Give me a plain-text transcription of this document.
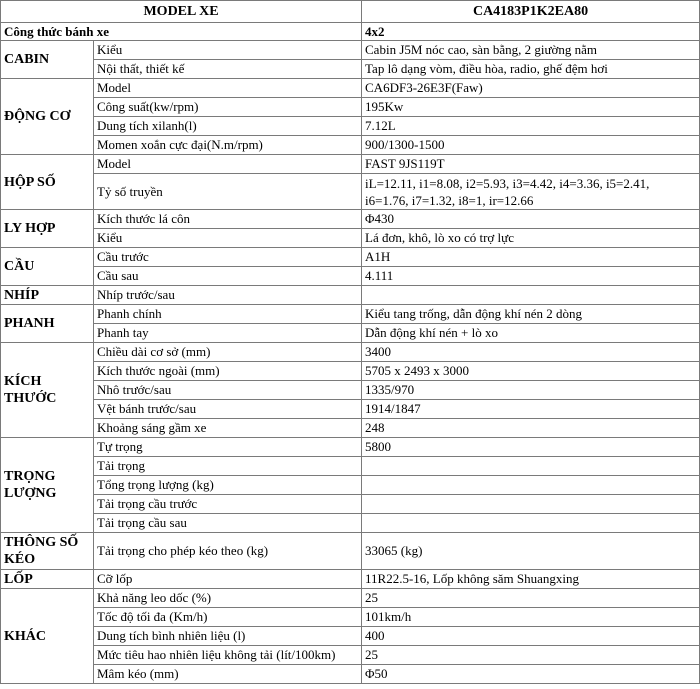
MODEL XE		CA4183P1K2EA80
Công thức bánh xe		4x2
CABIN	Kiểu	Cabin J5M nóc cao, sàn bằng, 2 giường nằm
	Nội thất, thiết kế	Tap lô dạng vòm, điều hòa, radio, ghế đệm hơi
ĐỘNG CƠ	Model	CA6DF3-26E3F(Faw)
	Công suất(kw/rpm)	195Kw
	Dung tích xilanh(l)	7.12L
	Momen xoắn cực đại(N.m/rpm)	900/1300-1500
HỘP SỐ	Model	FAST 9JS119T
	Tỷ số truyền	iL=12.11, i1=8.08, i2=5.93, i3=4.42, i4=3.36, i5=2.41, i6=1.76, i7=1.32, i8=1, ir=12.66
LY HỢP	Kích thước lá côn	Φ430
	Kiểu	Lá đơn, khô, lò xo có trợ lực
CẦU	Cầu trước	A1H
	Cầu sau	4.111
NHÍP	Nhíp trước/sau	
PHANH	Phanh chính	Kiểu tang trống, dẫn động khí nén 2 dòng
	Phanh tay	Dẫn động khí nén + lò xo
KÍCH THƯỚC	Chiều dài cơ sở (mm)	3400
	Kích thước ngoài (mm)	5705 x 2493 x 3000
	Nhô trước/sau	1335/970
	Vệt bánh trước/sau	1914/1847
	Khoảng sáng gầm xe	248
TRỌNG LƯỢNG	Tự trọng	5800
	Tải trọng	
	Tổng trọng lượng (kg)	
	Tải trọng cầu trước	
	Tải trọng cầu sau	
THÔNG SỐ KÉO	Tải trọng cho phép kéo theo (kg)	33065 (kg)
LỐP	Cỡ lốp	11R22.5-16, Lốp không săm Shuangxing
KHÁC	Khả năng leo dốc (%)	25
	Tốc độ tối đa (Km/h)	101km/h
	Dung tích bình nhiên liệu (l)	400
	Mức tiêu hao nhiên liệu không tải (lít/100km)	25
	Mâm kéo (mm)	Φ50
